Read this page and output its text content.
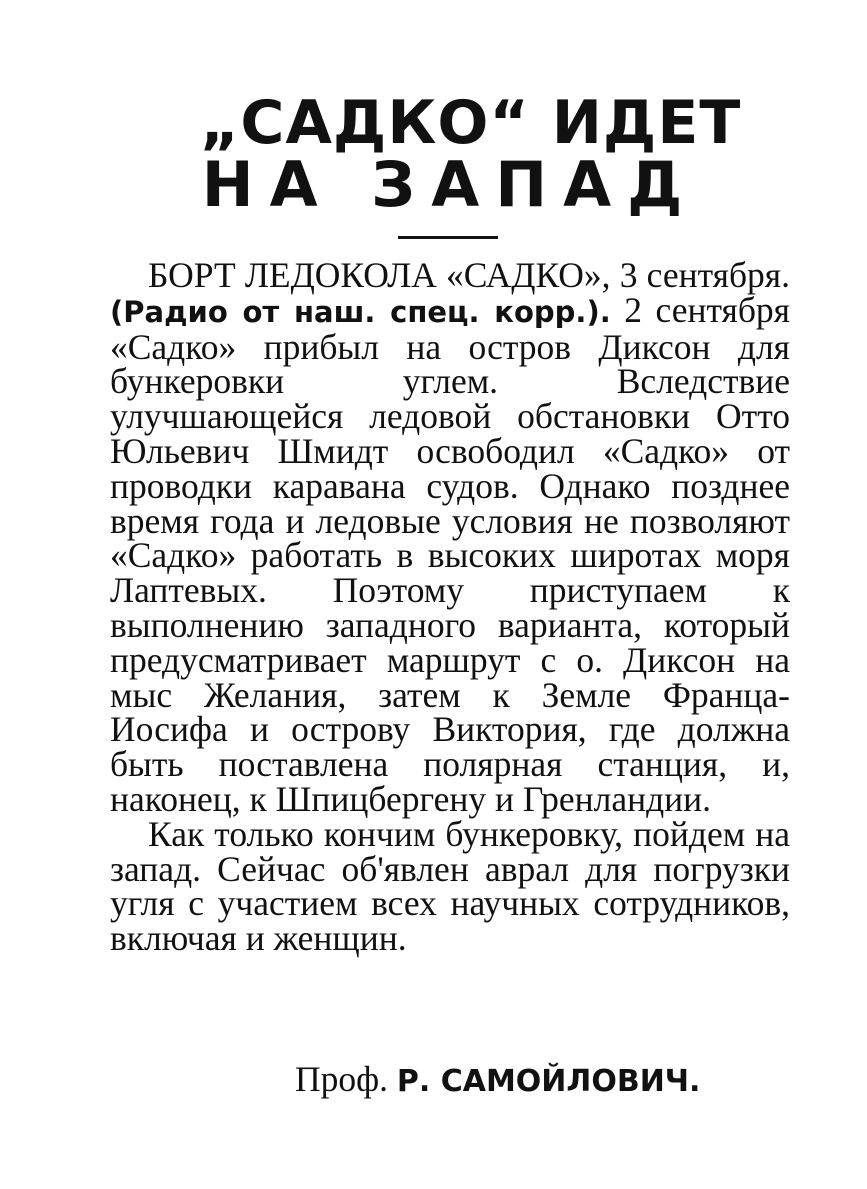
„САДКО“ ИДЕТ
НА ЗАПАД

БОРТ ЛЕДОКОЛА «САДКО», 3 сентября. (Радио от наш. спец. корр.). 2 сентября «Садко» прибыл на остров Диксон для бункеровки углем. Вследствие улучшающейся ледовой обстановки Отто Юльевич Шмидт освободил «Садко» от проводки каравана судов. Однако позднее время года и ледовые условия не позволяют «Садко» работать в высоких широтах моря Лаптевых. Поэтому приступаем к выполнению западного варианта, который предусматривает маршрут с о. Диксон на мыс Желания, затем к Земле Франца-Иосифа и острову Виктория, где должна быть поставлена полярная станция, и, наконец, к Шпицбергену и Гренландии.

Как только кончим бункеровку, пойдем на запад. Сейчас об'явлен аврал для погрузки угля с участием всех научных сотрудников, включая и женщин.

Проф. Р. САМОЙЛОВИЧ.
